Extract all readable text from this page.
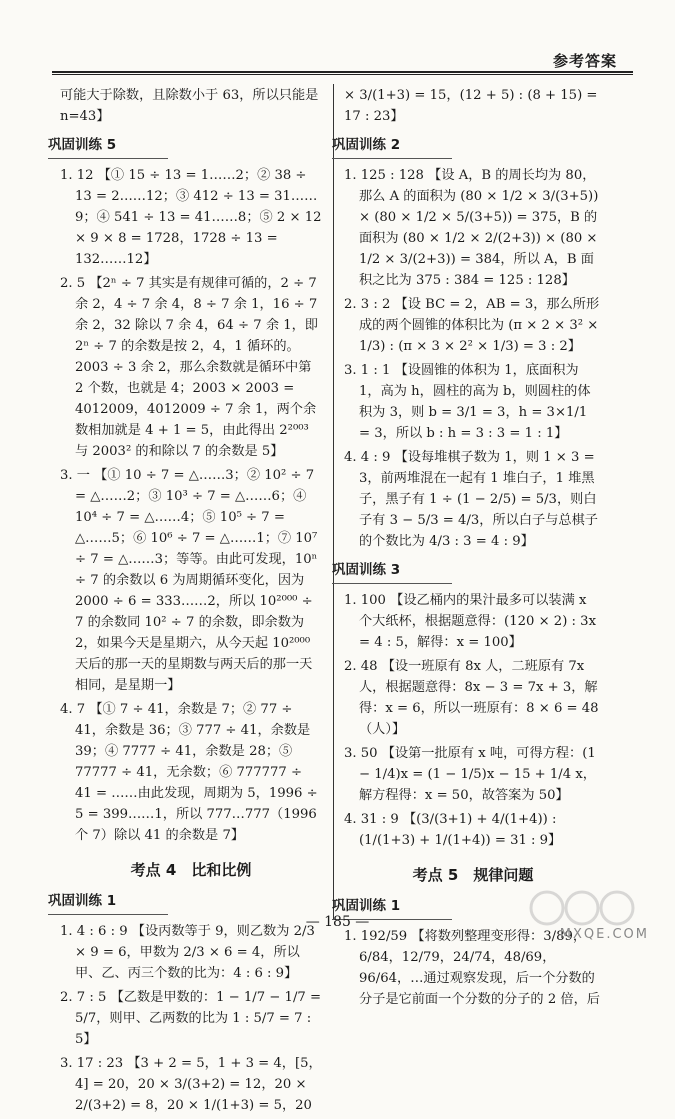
参考答案
可能大于除数，且除数小于 63，所以只能是 n=43】
巩固训练 5
1. 12 【① 15 ÷ 13 = 1……2；② 38 ÷ 13 = 2……12；③ 412 ÷ 13 = 31……9；④ 541 ÷ 13 = 41……8；⑤ 2 × 12 × 9 × 8 = 1728，1728 ÷ 13 = 132……12】
2. 5 【2ⁿ ÷ 7 其实是有规律可循的，2 ÷ 7 余 2，4 ÷ 7 余 4，8 ÷ 7 余 1，16 ÷ 7 余 2，32 除以 7 余 4，64 ÷ 7 余 1，即 2ⁿ ÷ 7 的余数是按 2，4，1 循环的。2003 ÷ 3 余 2，那么余数就是循环中第 2 个数，也就是 4；2003 × 2003 = 4012009，4012009 ÷ 7 余 1，两个余数相加就是 4 + 1 = 5，由此得出 2²⁰⁰³ 与 2003² 的和除以 7 的余数是 5】
3. 一 【① 10 ÷ 7 = △……3；② 10² ÷ 7 = △……2；③ 10³ ÷ 7 = △……6；④ 10⁴ ÷ 7 = △……4；⑤ 10⁵ ÷ 7 = △……5；⑥ 10⁶ ÷ 7 = △……1；⑦ 10⁷ ÷ 7 = △……3；等等。由此可发现，10ⁿ ÷ 7 的余数以 6 为周期循环变化，因为 2000 ÷ 6 = 333……2，所以 10²⁰⁰⁰ ÷ 7 的余数同 10² ÷ 7 的余数，即余数为 2，如果今天是星期六，从今天起 10²⁰⁰⁰ 天后的那一天的星期数与两天后的那一天相同，是星期一】
4. 7 【① 7 ÷ 41，余数是 7；② 77 ÷ 41，余数是 36；③ 777 ÷ 41，余数是 39；④ 7777 ÷ 41，余数是 28；⑤ 77777 ÷ 41，无余数；⑥ 777777 ÷ 41 = ……由此发现，周期为 5，1996 ÷ 5 = 399……1，所以 777…777（1996 个 7）除以 41 的余数是 7】
考点 4　比和比例
巩固训练 1
1. 4 : 6 : 9 【设丙数等于 9，则乙数为 2/3 × 9 = 6，甲数为 2/3 × 6 = 4，所以甲、乙、丙三个数的比为：4 : 6 : 9】
2. 7 : 5 【乙数是甲数的：1 − 1/7 − 1/7 = 5/7，则甲、乙两数的比为 1 : 5/7 = 7 : 5】
3. 17 : 23 【3 + 2 = 5，1 + 3 = 4，[5，4] = 20，20 × 3/(3+2) = 12，20 × 2/(3+2) = 8，20 × 1/(1+3) = 5，20
× 3/(1+3) = 15，(12 + 5) : (8 + 15) = 17 : 23】
巩固训练 2
1. 125 : 128 【设 A，B 的周长均为 80，那么 A 的面积为 (80 × 1/2 × 3/(3+5)) × (80 × 1/2 × 5/(3+5)) = 375，B 的面积为 (80 × 1/2 × 2/(2+3)) × (80 × 1/2 × 3/(2+3)) = 384，所以 A，B 面积之比为 375 : 384 = 125 : 128】
2. 3 : 2 【设 BC = 2，AB = 3，那么所形成的两个圆锥的体积比为 (π × 2 × 3² × 1/3) : (π × 3 × 2² × 1/3) = 3 : 2】
3. 1 : 1 【设圆锥的体积为 1，底面积为 1，高为 h，圆柱的高为 b，则圆柱的体积为 3，则 b = 3/1 = 3，h = 3×1/1 = 3，所以 b : h = 3 : 3 = 1 : 1】
4. 4 : 9 【设每堆棋子数为 1，则 1 × 3 = 3，前两堆混在一起有 1 堆白子，1 堆黑子，黑子有 1 ÷ (1 − 2/5) = 5/3，则白子有 3 − 5/3 = 4/3，所以白子与总棋子的个数比为 4/3 : 3 = 4 : 9】
巩固训练 3
1. 100 【设乙桶内的果汁最多可以装满 x 个大纸杯，根据题意得：(120 × 2) : 3x = 4 : 5，解得：x = 100】
2. 48 【设一班原有 8x 人，二班原有 7x 人，根据题意得：8x − 3 = 7x + 3，解得：x = 6，所以一班原有：8 × 6 = 48（人）】
3. 50 【设第一批原有 x 吨，可得方程：(1 − 1/4)x = (1 − 1/5)x − 15 + 1/4 x，解方程得：x = 50，故答案为 50】
4. 31 : 9 【(3/(3+1) + 4/(1+4)) : (1/(1+3) + 1/(1+4)) = 31 : 9】
考点 5　规律问题
巩固训练 1
1. 192/59 【将数列整理变形得：3/89，6/84，12/79，24/74，48/69，96/64，…通过观察发现，后一个分数的分子是它前面一个分数的分子的 2 倍，后
— 185 —
MXQE.COM
